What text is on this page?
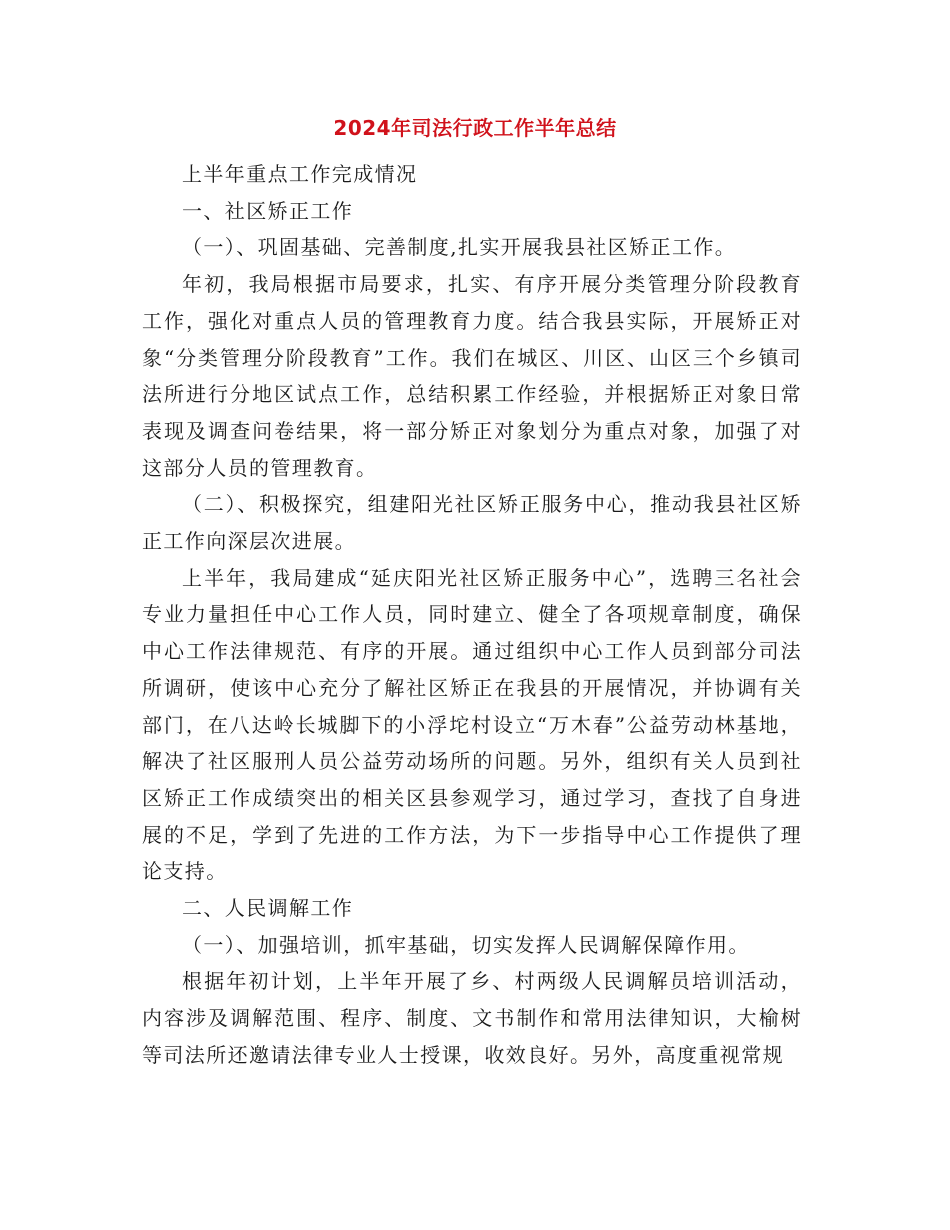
2024年司法行政工作半年总结

上半年重点工作完成情况

一、社区矫正工作

（一）、巩固基础、完善制度,扎实开展我县社区矫正工作。

年初，我局根据市局要求，扎实、有序开展分类管理分阶段教育工作，强化对重点人员的管理教育力度。结合我县实际，开展矫正对象“分类管理分阶段教育”工作。我们在城区、川区、山区三个乡镇司法所进行分地区试点工作，总结积累工作经验，并根据矫正对象日常表现及调查问卷结果，将一部分矫正对象划分为重点对象，加强了对这部分人员的管理教育。

（二）、积极探究，组建阳光社区矫正服务中心，推动我县社区矫正工作向深层次进展。

上半年，我局建成“延庆阳光社区矫正服务中心”，选聘三名社会专业力量担任中心工作人员，同时建立、健全了各项规章制度，确保中心工作法律规范、有序的开展。通过组织中心工作人员到部分司法所调研，使该中心充分了解社区矫正在我县的开展情况，并协调有关部门，在八达岭长城脚下的小浮坨村设立“万木春”公益劳动林基地，解决了社区服刑人员公益劳动场所的问题。另外，组织有关人员到社区矫正工作成绩突出的相关区县参观学习，通过学习，查找了自身进展的不足，学到了先进的工作方法，为下一步指导中心工作提供了理论支持。

二、人民调解工作

（一）、加强培训，抓牢基础，切实发挥人民调解保障作用。

根据年初计划，上半年开展了乡、村两级人民调解员培训活动，内容涉及调解范围、程序、制度、文书制作和常用法律知识，大榆树等司法所还邀请法律专业人士授课，收效良好。另外，高度重视常规
